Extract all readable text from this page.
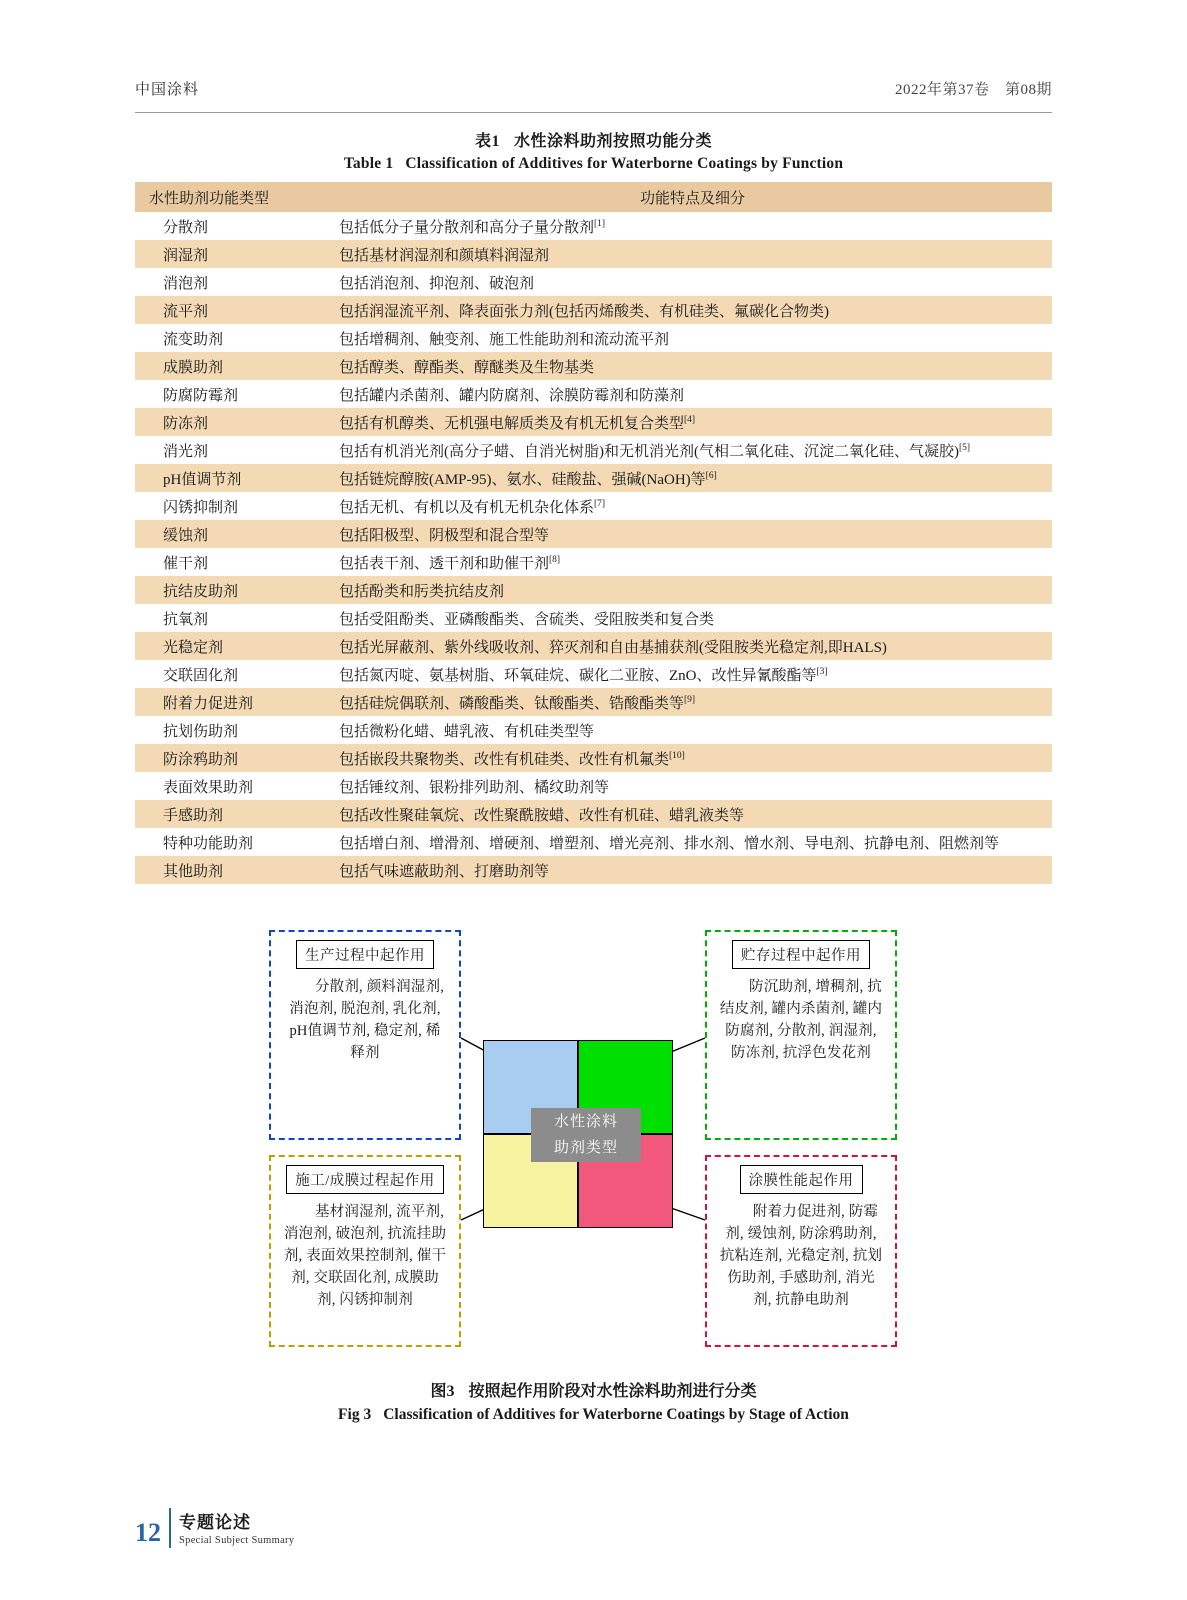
中国涂料	2022年第37卷　第08期
表1 水性涂料助剂按照功能分类
Table 1 Classification of Additives for Waterborne Coatings by Function
水性助剂功能类型	功能特点及细分
分散剂	包括低分子量分散剂和高分子量分散剂[1]
润湿剂	包括基材润湿剂和颜填料润湿剂
消泡剂	包括消泡剂、抑泡剂、破泡剂
流平剂	包括润湿流平剂、降表面张力剂(包括丙烯酸类、有机硅类、氟碳化合物类)
流变助剂	包括增稠剂、触变剂、施工性能助剂和流动流平剂
成膜助剂	包括醇类、醇酯类、醇醚类及生物基类
防腐防霉剂	包括罐内杀菌剂、罐内防腐剂、涂膜防霉剂和防藻剂
防冻剂	包括有机醇类、无机强电解质类及有机无机复合类型[4]
消光剂	包括有机消光剂(高分子蜡、自消光树脂)和无机消光剂(气相二氧化硅、沉淀二氧化硅、气凝胶)[5]
pH值调节剂	包括链烷醇胺(AMP-95)、氨水、硅酸盐、强碱(NaOH)等[6]
闪锈抑制剂	包括无机、有机以及有机无机杂化体系[7]
缓蚀剂	包括阳极型、阴极型和混合型等
催干剂	包括表干剂、透干剂和助催干剂[8]
抗结皮助剂	包括酚类和肟类抗结皮剂
抗氧剂	包括受阻酚类、亚磷酸酯类、含硫类、受阻胺类和复合类
光稳定剂	包括光屏蔽剂、紫外线吸收剂、猝灭剂和自由基捕获剂(受阻胺类光稳定剂,即HALS)
交联固化剂	包括氮丙啶、氨基树脂、环氧硅烷、碳化二亚胺、ZnO、改性异氰酸酯等[3]
附着力促进剂	包括硅烷偶联剂、磷酸酯类、钛酸酯类、锆酸酯类等[9]
抗划伤助剂	包括微粉化蜡、蜡乳液、有机硅类型等
防涂鸦助剂	包括嵌段共聚物类、改性有机硅类、改性有机氟类[10]
表面效果助剂	包括锤纹剂、银粉排列助剂、橘纹助剂等
手感助剂	包括改性聚硅氧烷、改性聚酰胺蜡、改性有机硅、蜡乳液类等
特种功能助剂	包括增白剂、增滑剂、增硬剂、增塑剂、增光亮剂、排水剂、憎水剂、导电剂、抗静电剂、阻燃剂等
其他助剂	包括气味遮蔽助剂、打磨助剂等
水性涂料
助剂类型
生产过程中起作用
分散剂, 颜料润湿剂, 消泡剂, 脱泡剂, 乳化剂, pH值调节剂, 稳定剂, 稀释剂
贮存过程中起作用
防沉助剂, 增稠剂, 抗结皮剂, 罐内杀菌剂, 罐内防腐剂, 分散剂, 润湿剂, 防冻剂, 抗浮色发花剂
施工/成膜过程起作用
基材润湿剂, 流平剂, 消泡剂, 破泡剂, 抗流挂助剂, 表面效果控制剂, 催干剂, 交联固化剂, 成膜助剂, 闪锈抑制剂
涂膜性能起作用
附着力促进剂, 防霉剂, 缓蚀剂, 防涂鸦助剂, 抗粘连剂, 光稳定剂, 抗划伤助剂, 手感助剂, 消光剂, 抗静电助剂
图3 按照起作用阶段对水性涂料助剂进行分类
Fig 3 Classification of Additives for Waterborne Coatings by Stage of Action
12 专题论述
Special Subject Summary
